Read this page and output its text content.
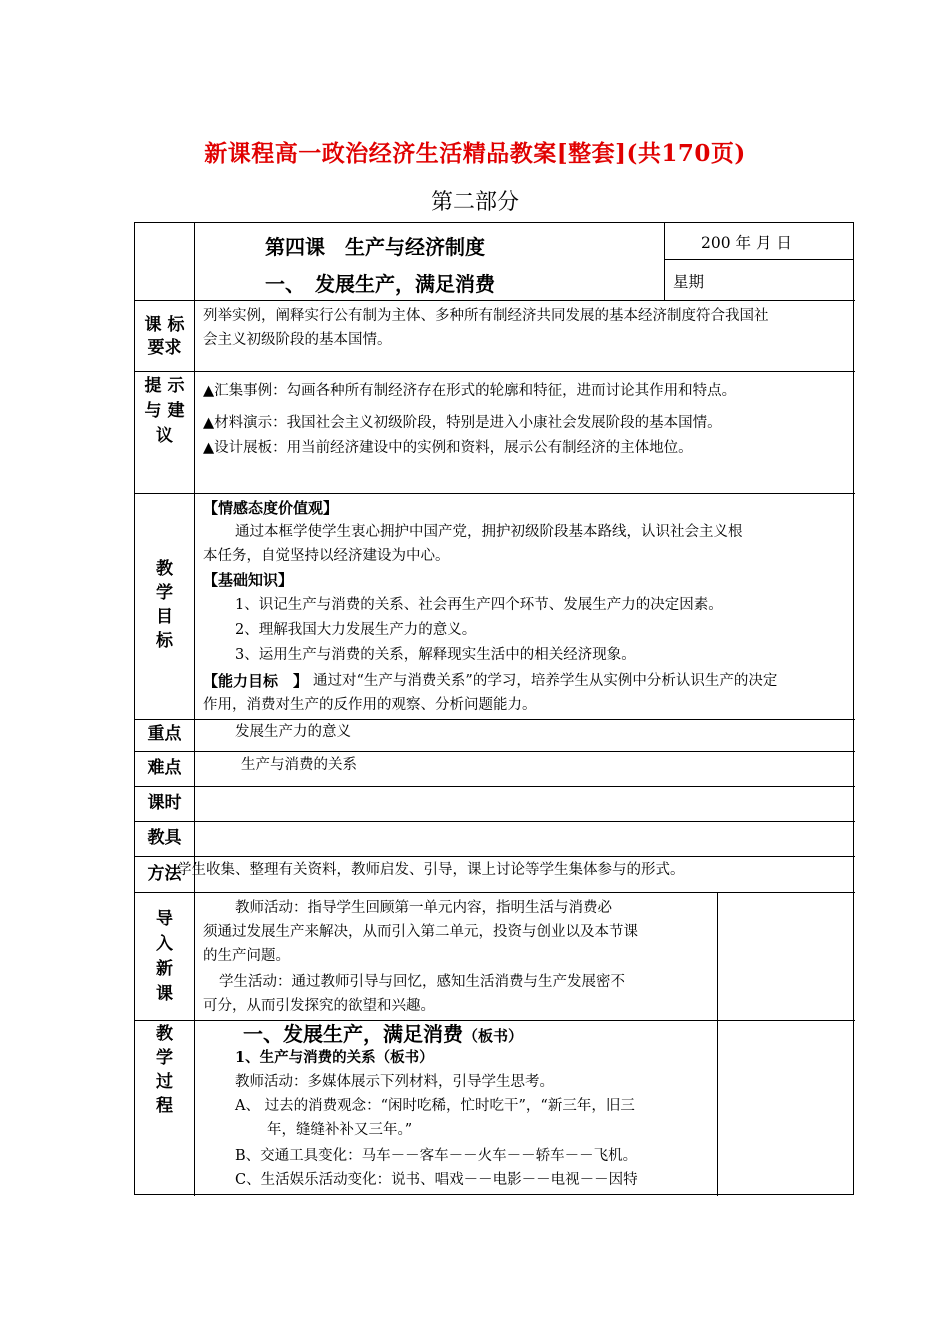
新课程高一政治经济生活精品教案[整套](共170页)
第二部分
第四课　生产与经济制度
一、　发展生产，满足消费
200 年 月 日
星期
课 标
要求
列举实例，阐释实行公有制为主体、多种所有制经济共同发展的基本经济制度符合我国社
会主义初级阶段的基本国情。
提 示
与 建
议
▲汇集事例：勾画各种所有制经济存在形式的轮廓和特征，进而讨论其作用和特点。
▲材料演示：我国社会主义初级阶段，特别是进入小康社会发展阶段的基本国情。
▲设计展板：用当前经济建设中的实例和资料，展示公有制经济的主体地位。
教
学
目
标
【情感态度价值观】
通过本框学使学生衷心拥护中国产党，拥护初级阶段基本路线，认识社会主义根
本任务，自觉坚持以经济建设为中心。
【基础知识】
1、识记生产与消费的关系、社会再生产四个环节、发展生产力的决定因素。
2、理解我国大力发展生产力的意义。
3、运用生产与消费的关系，解释现实生活中的相关经济现象。
【能力目标　】 通过对“生产与消费关系”的学习，培养学生从实例中分析认识生产的决定
作用，消费对生产的反作用的观察、分析问题能力。
重点	发展生产力的意义
难点	生产与消费的关系
课时
教具
方法
学生收集、整理有关资料，教师启发、引导，课上讨论等学生集体参与的形式。
导
入
新
课
教师活动：指导学生回顾第一单元内容，指明生活与消费必
须通过发展生产来解决，从而引入第二单元，投资与创业以及本节课
的生产问题。
学生活动：通过教师引导与回忆，感知生活消费与生产发展密不
可分，从而引发探究的欲望和兴趣。
教
学
过
程
一、发展生产，满足消费（板书）
1、生产与消费的关系（板书）
教师活动：多媒体展示下列材料，引导学生思考。
A、 过去的消费观念：“闲时吃稀，忙时吃干”，“新三年，旧三
年，缝缝补补又三年。”
B、交通工具变化：马车－－客车－－火车－－轿车－－飞机。
C、生活娱乐活动变化：说书、唱戏－－电影－－电视－－因特
